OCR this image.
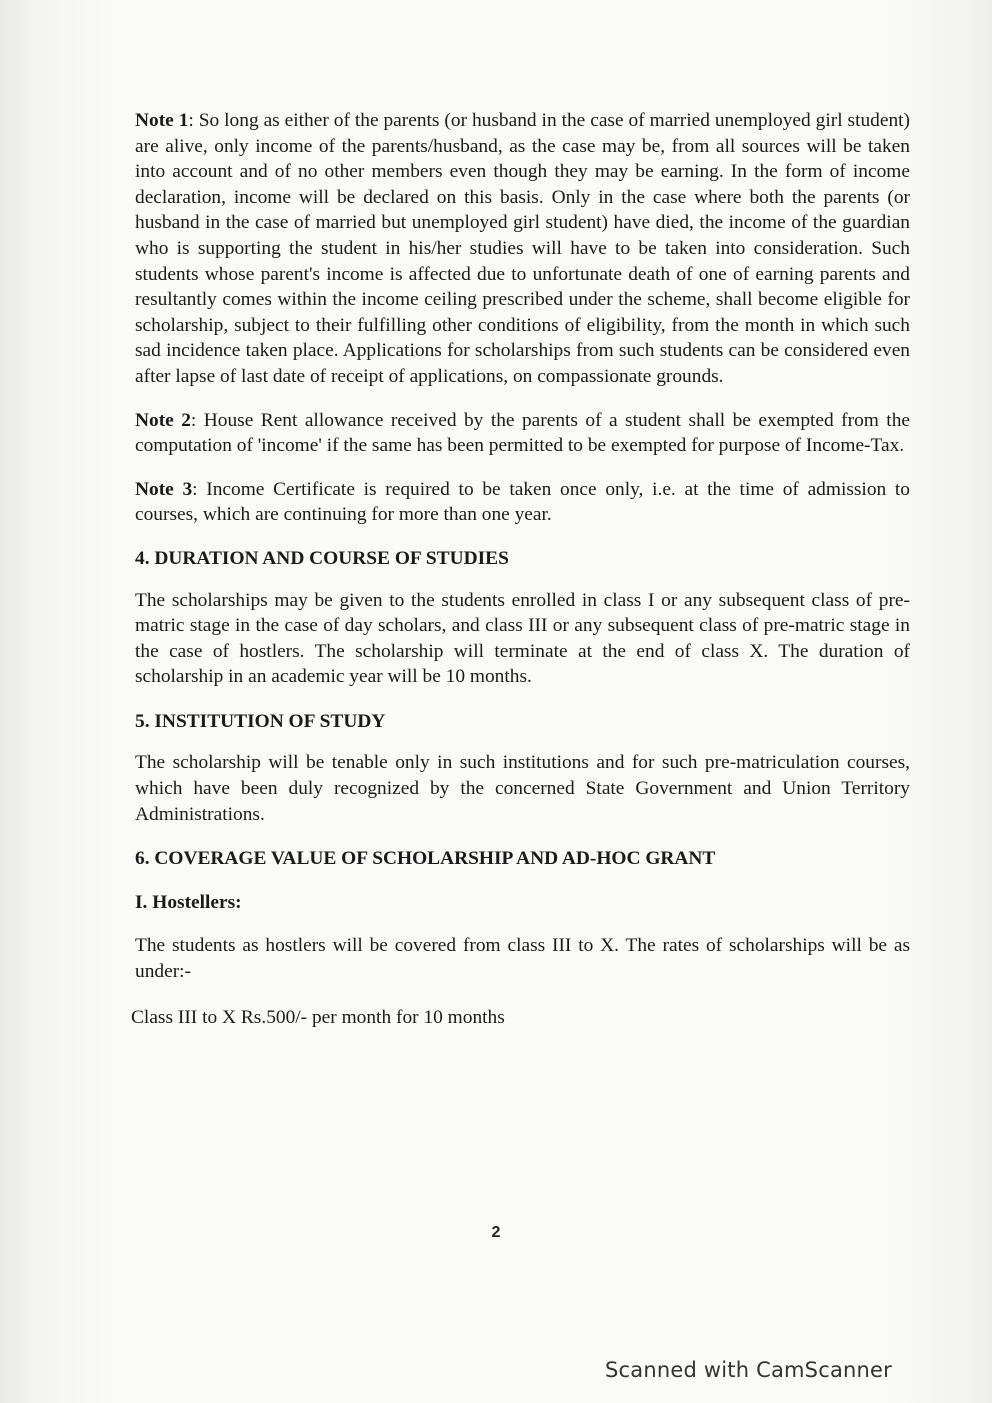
Note 1: So long as either of the parents (or husband in the case of married unemployed girl student) are alive, only income of the parents/husband, as the case may be, from all sources will be taken into account and of no other members even though they may be earning. In the form of income declaration, income will be declared on this basis. Only in the case where both the parents (or husband in the case of married but unemployed girl student) have died, the income of the guardian who is supporting the student in his/her studies will have to be taken into consideration. Such students whose parent's income is affected due to unfortunate death of one of earning parents and resultantly comes within the income ceiling prescribed under the scheme, shall become eligible for scholarship, subject to their fulfilling other conditions of eligibility, from the month in which such sad incidence taken place. Applications for scholarships from such students can be considered even after lapse of last date of receipt of applications, on compassionate grounds.

Note 2: House Rent allowance received by the parents of a student shall be exempted from the computation of 'income' if the same has been permitted to be exempted for purpose of Income-Tax.

Note 3: Income Certificate is required to be taken once only, i.e. at the time of admission to courses, which are continuing for more than one year.

4. DURATION AND COURSE OF STUDIES

The scholarships may be given to the students enrolled in class I or any subsequent class of pre-matric stage in the case of day scholars, and class III or any subsequent class of pre-matric stage in the case of hostlers. The scholarship will terminate at the end of class X. The duration of scholarship in an academic year will be 10 months.

5. INSTITUTION OF STUDY

The scholarship will be tenable only in such institutions and for such pre-matriculation courses, which have been duly recognized by the concerned State Government and Union Territory Administrations.

6. COVERAGE VALUE OF SCHOLARSHIP AND AD-HOC GRANT

I. Hostellers:

The students as hostlers will be covered from class III to X. The rates of scholarships will be as under:-

Class III to X Rs.500/- per month for 10 months

2
Scanned with CamScanner
